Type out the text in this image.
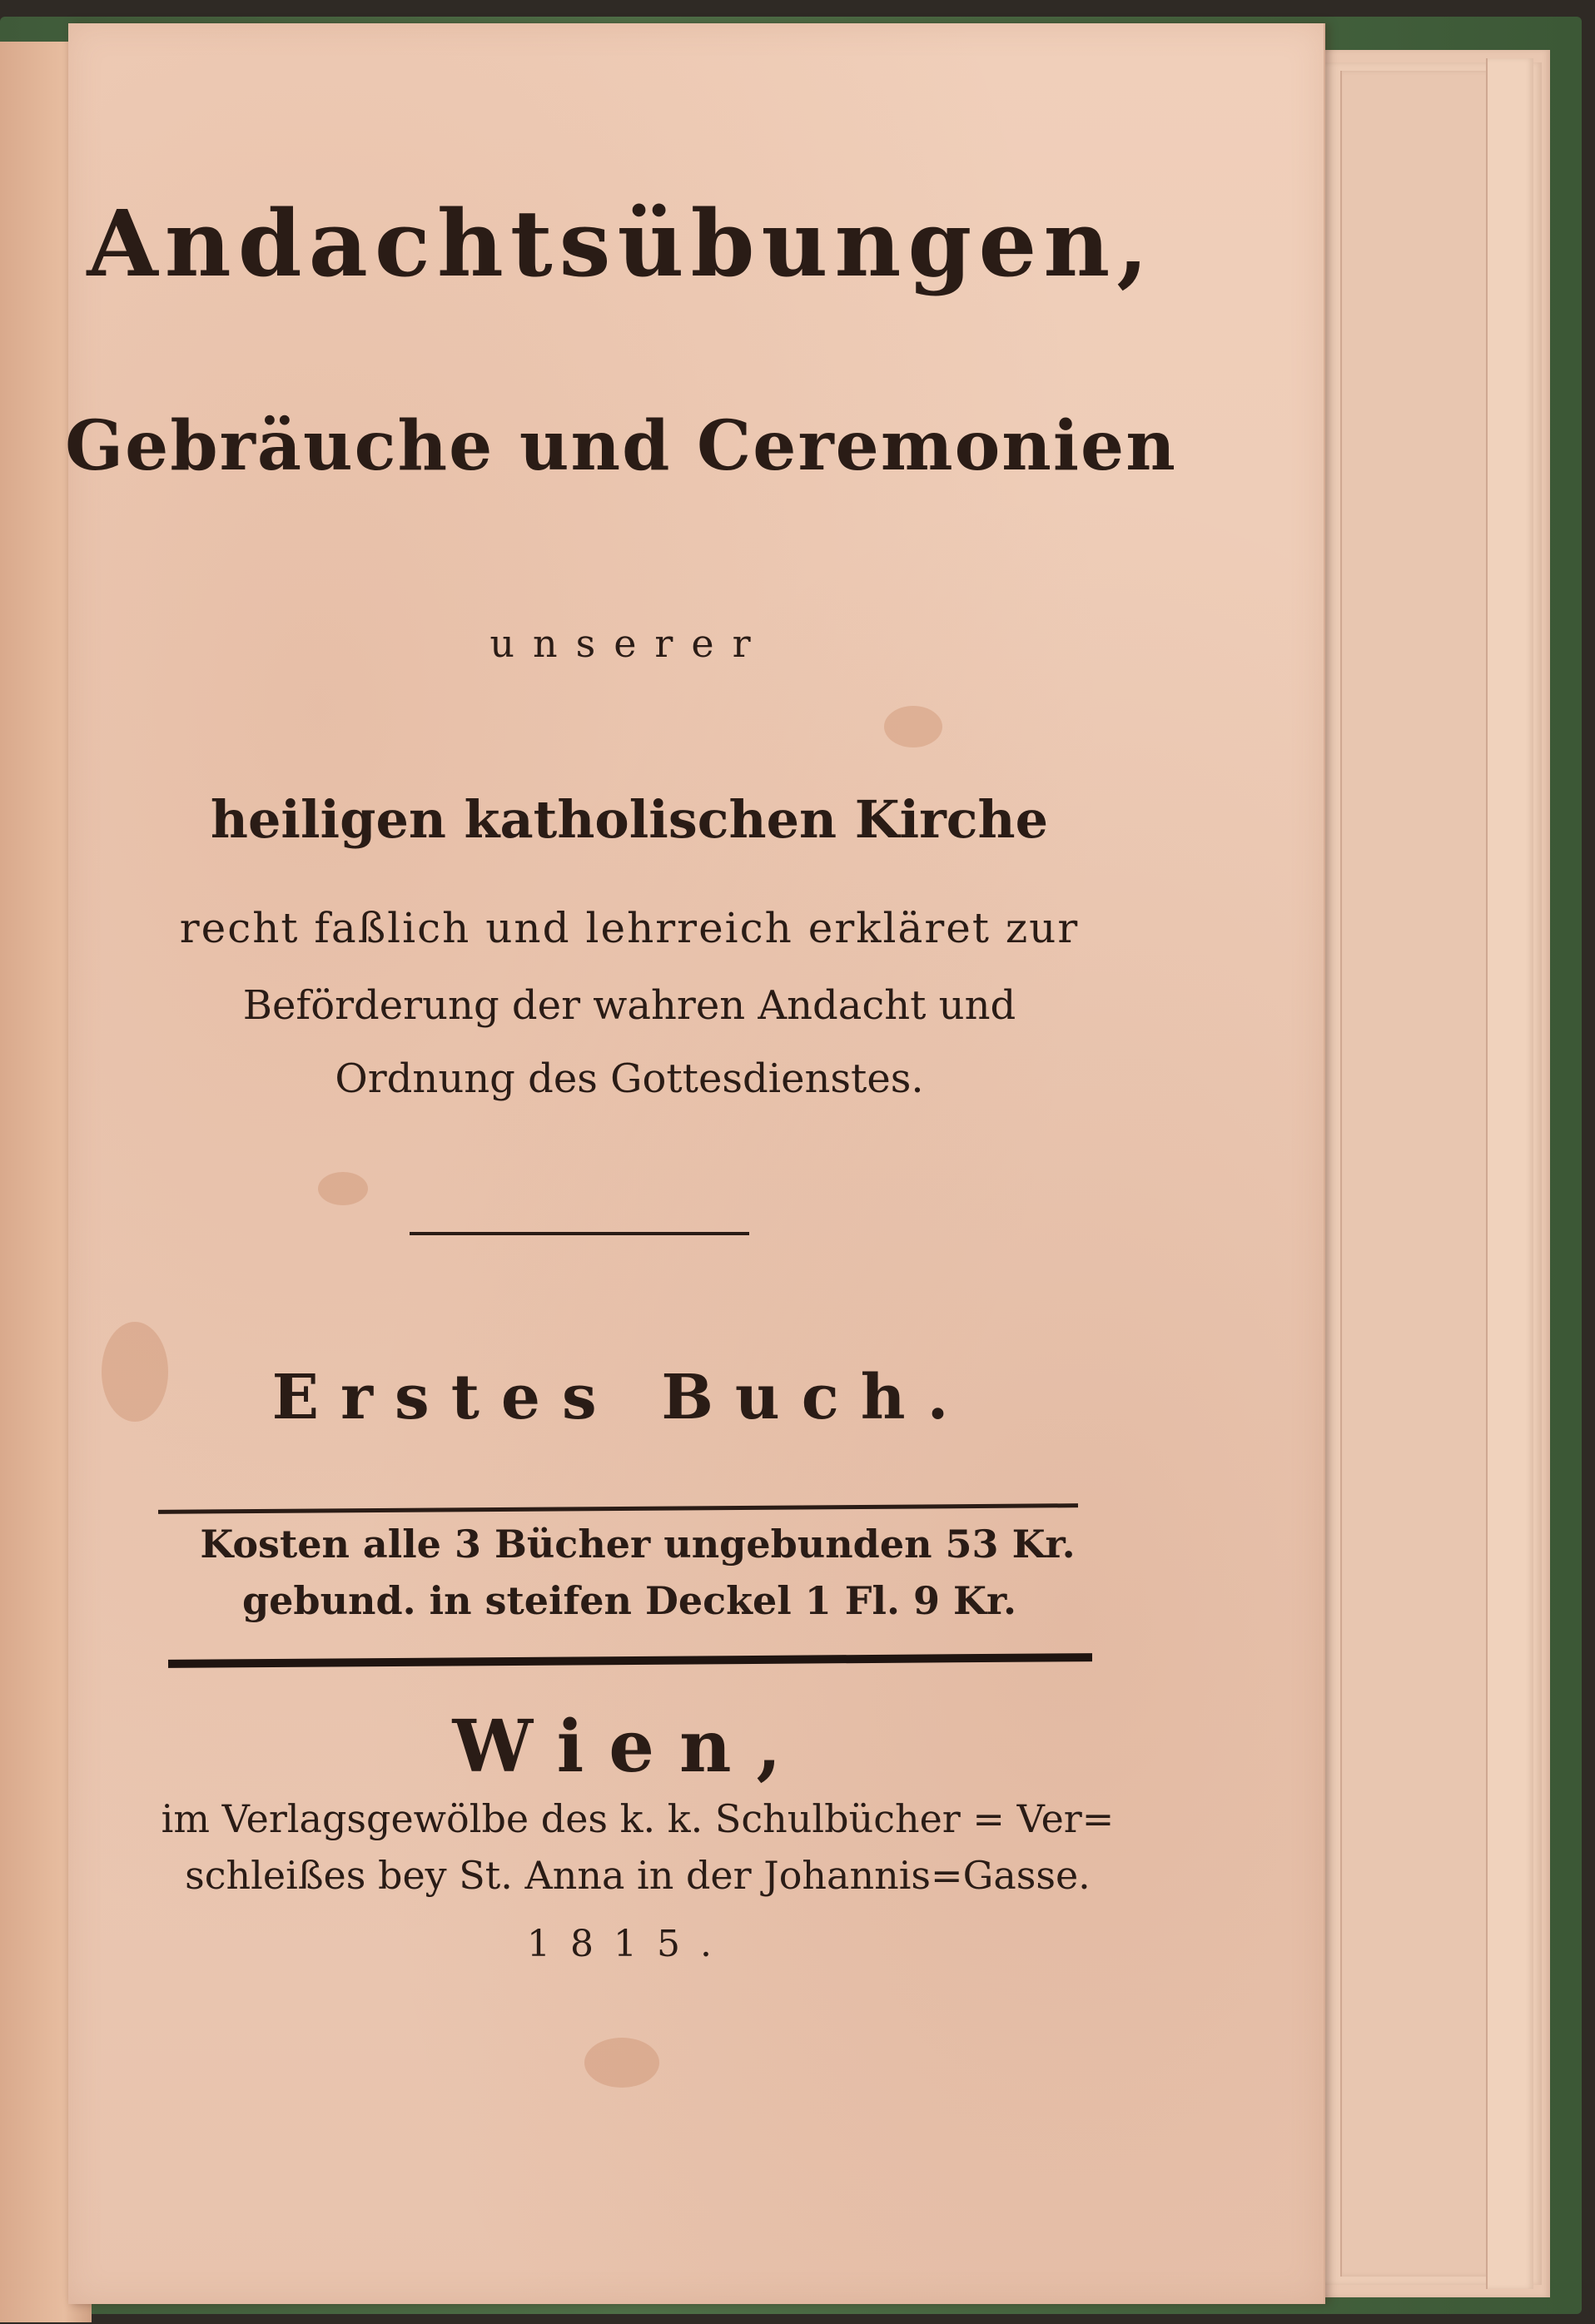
Andachtsübungen,
Gebräuche und Ceremonien
unserer
heiligen katholischen Kirche
recht faßlich und lehrreich erkläret zur
Beförderung der wahren Andacht und
Ordnung des Gottesdienstes.
Erstes Buch.
Kosten alle 3 Bücher ungebunden 53 Kr.
gebund. in steifen Deckel 1 Fl. 9 Kr.
Wien,
im Verlagsgewölbe des k. k. Schulbücher = Ver=
schleißes bey St. Anna in der Johannis=Gasse.
1815.
